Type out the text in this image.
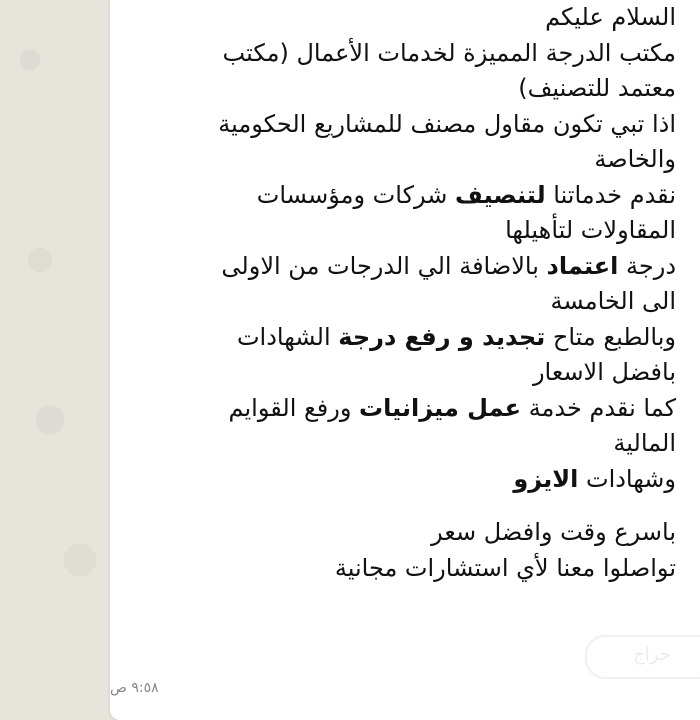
السلام عليكم
مكتب الدرجة المميزة لخدمات الأعمال (مكتب
معتمد للتصنيف)
اذا تبي تكون مقاول مصنف للمشاريع الحكومية
والخاصة
نقدم خدماتنا لتنصيف شركات ومؤسسات
المقاولات لتأهيلها
درجة اعتماد بالاضافة الي الدرجات من الاولى
الى الخامسة
وبالطبع متاح تجديد و رفع درجة الشهادات
بافضل الاسعار
كما نقدم خدمة عمل ميزانيات ورفع القوايم
المالية
وشهادات الايزو
باسرع وقت وافضل سعر
تواصلوا معنا لأي استشارات مجانية
حراج
٩:٥٨ ص
